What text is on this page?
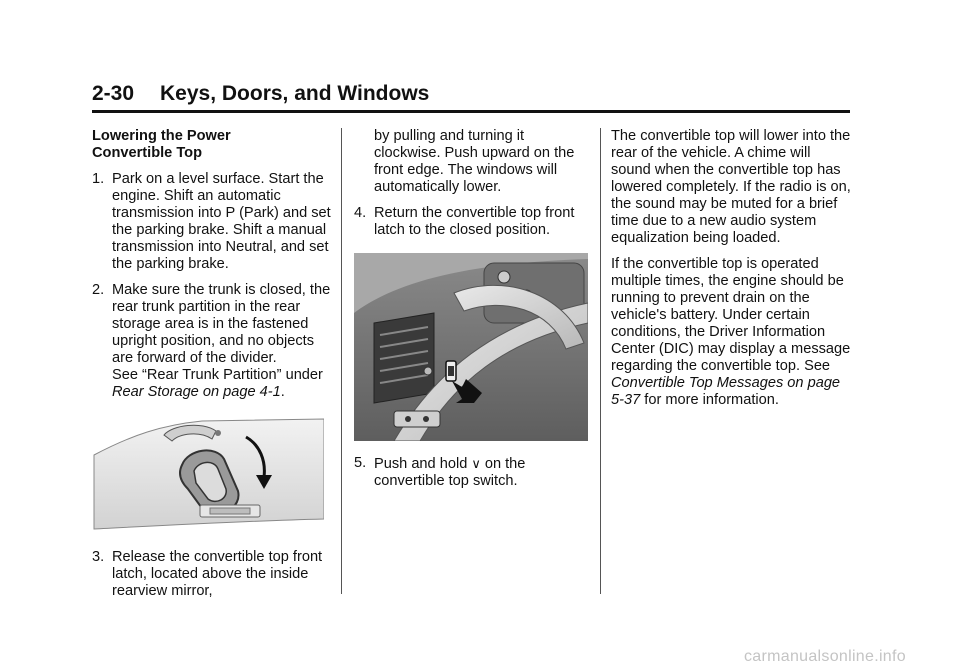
2-30 Keys, Doors, and Windows
Lowering the Power
Convertible Top
1. Park on a level surface. Start the engine. Shift an automatic transmission into P (Park) and set the parking brake. Shift a manual transmission into Neutral, and set the parking brake.
2. Make sure the trunk is closed, the rear trunk partition in the rear storage area is in the fastened upright position, and no objects are forward of the divider.
See “Rear Trunk Partition” under
Rear Storage on page 4-1.
3. Release the convertible top front latch, located above the inside rearview mirror,
by pulling and turning it clockwise. Push upward on the front edge. The windows will automatically lower.
4. Return the convertible top front latch to the closed position.
5. Push and hold ∨ on the convertible top switch.

The convertible top will lower into the rear of the vehicle. A chime will sound when the convertible top has lowered completely. If the radio is on, the sound may be muted for a brief time due to a new audio system equalization being loaded.

If the convertible top is operated multiple times, the engine should be running to prevent drain on the vehicle's battery. Under certain conditions, the Driver Information Center (DIC) may display a message regarding the convertible top. See Convertible Top Messages on page 5-37 for more information.

carmanualsonline.info
